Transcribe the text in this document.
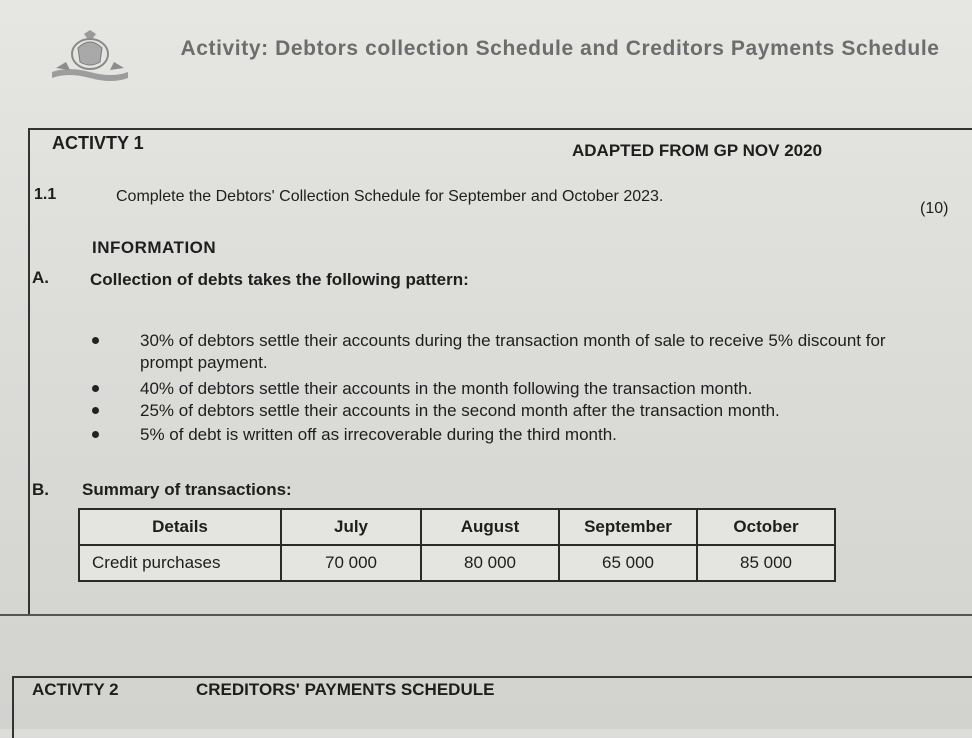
Activity: Debtors collection Schedule and Creditors Payments Schedule
ACTIVTY 1	ADAPTED FROM GP NOV 2020
1.1	Complete the Debtors' Collection Schedule for September and October 2023.
(10)
INFORMATION
A. Collection of debts takes the following pattern:
30% of debtors settle their accounts during the transaction month of sale to receive 5% discount for prompt payment.
40% of debtors settle their accounts in the month following the transaction month.
25% of debtors settle their accounts in the second month after the transaction month.
5% of debt is written off as irrecoverable during the third month.
B. Summary of transactions:
Details	July	August	September	October
Credit purchases	70 000	80 000	65 000	85 000
ACTIVTY 2	CREDITORS' PAYMENTS SCHEDULE
